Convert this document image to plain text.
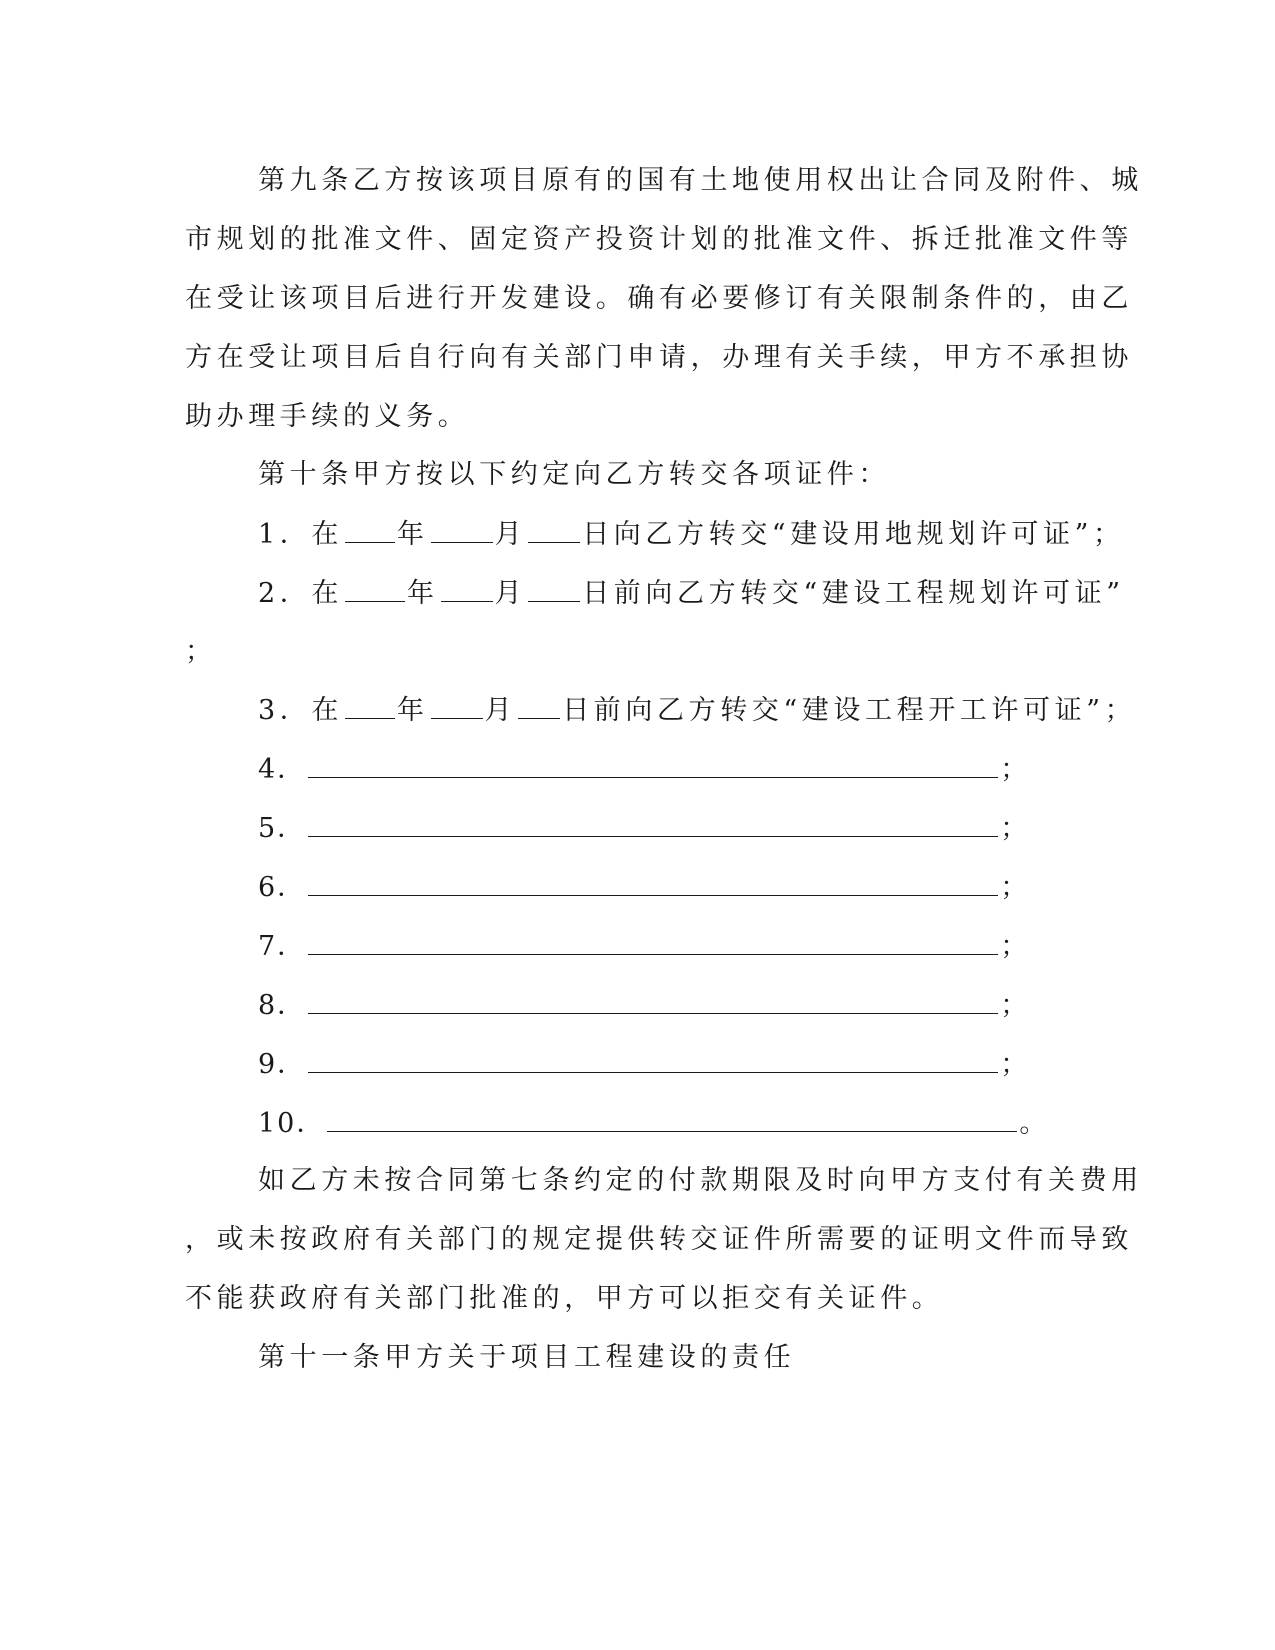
第九条乙方按该项目原有的国有土地使用权出让合同及附件、城
市规划的批准文件、固定资产投资计划的批准文件、拆迁批准文件等
在受让该项目后进行开发建设。确有必要修订有关限制条件的，由乙
方在受让项目后自行向有关部门申请，办理有关手续，甲方不承担协
助办理手续的义务。
第十条甲方按以下约定向乙方转交各项证件：
1．在 年 月 日向乙方转交“建设用地规划许可证”；
2．在 年 月 日前向乙方转交“建设工程规划许可证”
；
3．在 年 月 日前向乙方转交“建设工程开工许可证”；
4．	；
5．	；
6．	；
7．	；
8．	；
9．	；
10．	。
如乙方未按合同第七条约定的付款期限及时向甲方支付有关费用
，或未按政府有关部门的规定提供转交证件所需要的证明文件而导致
不能获政府有关部门批准的，甲方可以拒交有关证件。
第十一条甲方关于项目工程建设的责任
